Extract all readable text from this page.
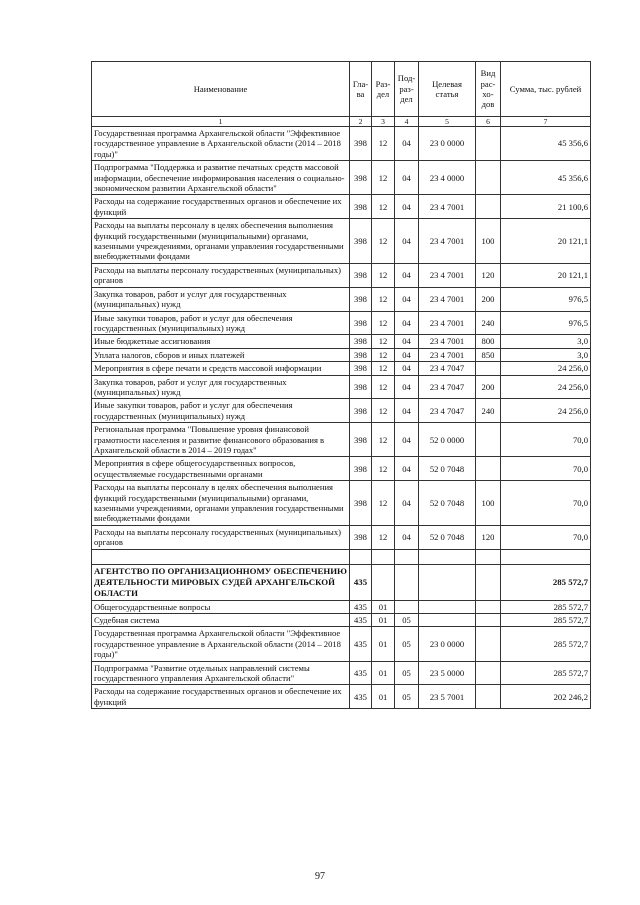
Наименование	Гла-ва	Раз-дел	Под-раз-дел	Целевая статья	Вид рас-хо-дов	Сумма, тыс. рублей
1	2	3	4	5	6	7
Государственная программа Архангельской области "Эффективное государственное управление в Архангельской области (2014 – 2018 годы)"	398	12	04	23 0 0000		45 356,6
Подпрограмма "Поддержка и развитие печатных средств массовой информации, обеспечение информирования населения о социально-экономическом развитии Архангельской области"	398	12	04	23 4 0000		45 356,6
Расходы на содержание государственных органов и обеспечение их функций	398	12	04	23 4 7001		21 100,6
Расходы на выплаты персоналу в целях обеспечения выполнения функций государственными (муниципальными) органами, казенными учреждениями, органами управления государственными внебюджетными фондами	398	12	04	23 4 7001	100	20 121,1
Расходы на выплаты персоналу государственных (муниципальных) органов	398	12	04	23 4 7001	120	20 121,1
Закупка товаров, работ и услуг для государственных (муниципальных) нужд	398	12	04	23 4 7001	200	976,5
Иные закупки товаров, работ и услуг для обеспечения государственных (муниципальных) нужд	398	12	04	23 4 7001	240	976,5
Иные бюджетные ассигнования	398	12	04	23 4 7001	800	3,0
Уплата налогов, сборов и иных платежей	398	12	04	23 4 7001	850	3,0
Мероприятия в сфере печати и средств массовой информации	398	12	04	23 4 7047		24 256,0
Закупка товаров, работ и услуг для государственных (муниципальных) нужд	398	12	04	23 4 7047	200	24 256,0
Иные закупки товаров, работ и услуг для обеспечения государственных (муниципальных) нужд	398	12	04	23 4 7047	240	24 256,0
Региональная программа "Повышение уровня финансовой грамотности населения и развитие финансового образования в Архангельской области в 2014 – 2019 годах"	398	12	04	52 0 0000		70,0
Мероприятия в сфере общегосударственных вопросов, осуществляемые государственными органами	398	12	04	52 0 7048		70,0
Расходы на выплаты персоналу в целях обеспечения выполнения функций государственными (муниципальными) органами, казенными учреждениями, органами управления государственными внебюджетными фондами	398	12	04	52 0 7048	100	70,0
Расходы на выплаты персоналу государственных (муниципальных) органов	398	12	04	52 0 7048	120	70,0

АГЕНТСТВО ПО ОРГАНИЗАЦИОННОМУ ОБЕСПЕЧЕНИЮ ДЕЯТЕЛЬНОСТИ МИРОВЫХ СУДЕЙ АРХАНГЕЛЬСКОЙ ОБЛАСТИ	435					285 572,7
Общегосударственные вопросы	435	01				285 572,7
Судебная система	435	01	05			285 572,7
Государственная программа Архангельской области "Эффективное государственное управление в Архангельской области (2014 – 2018 годы)"	435	01	05	23 0 0000		285 572,7
Подпрограмма "Развитие отдельных направлений системы государственного управления Архангельской области"	435	01	05	23 5 0000		285 572,7
Расходы на содержание государственных органов и обеспечение их функций	435	01	05	23 5 7001		202 246,2
97
